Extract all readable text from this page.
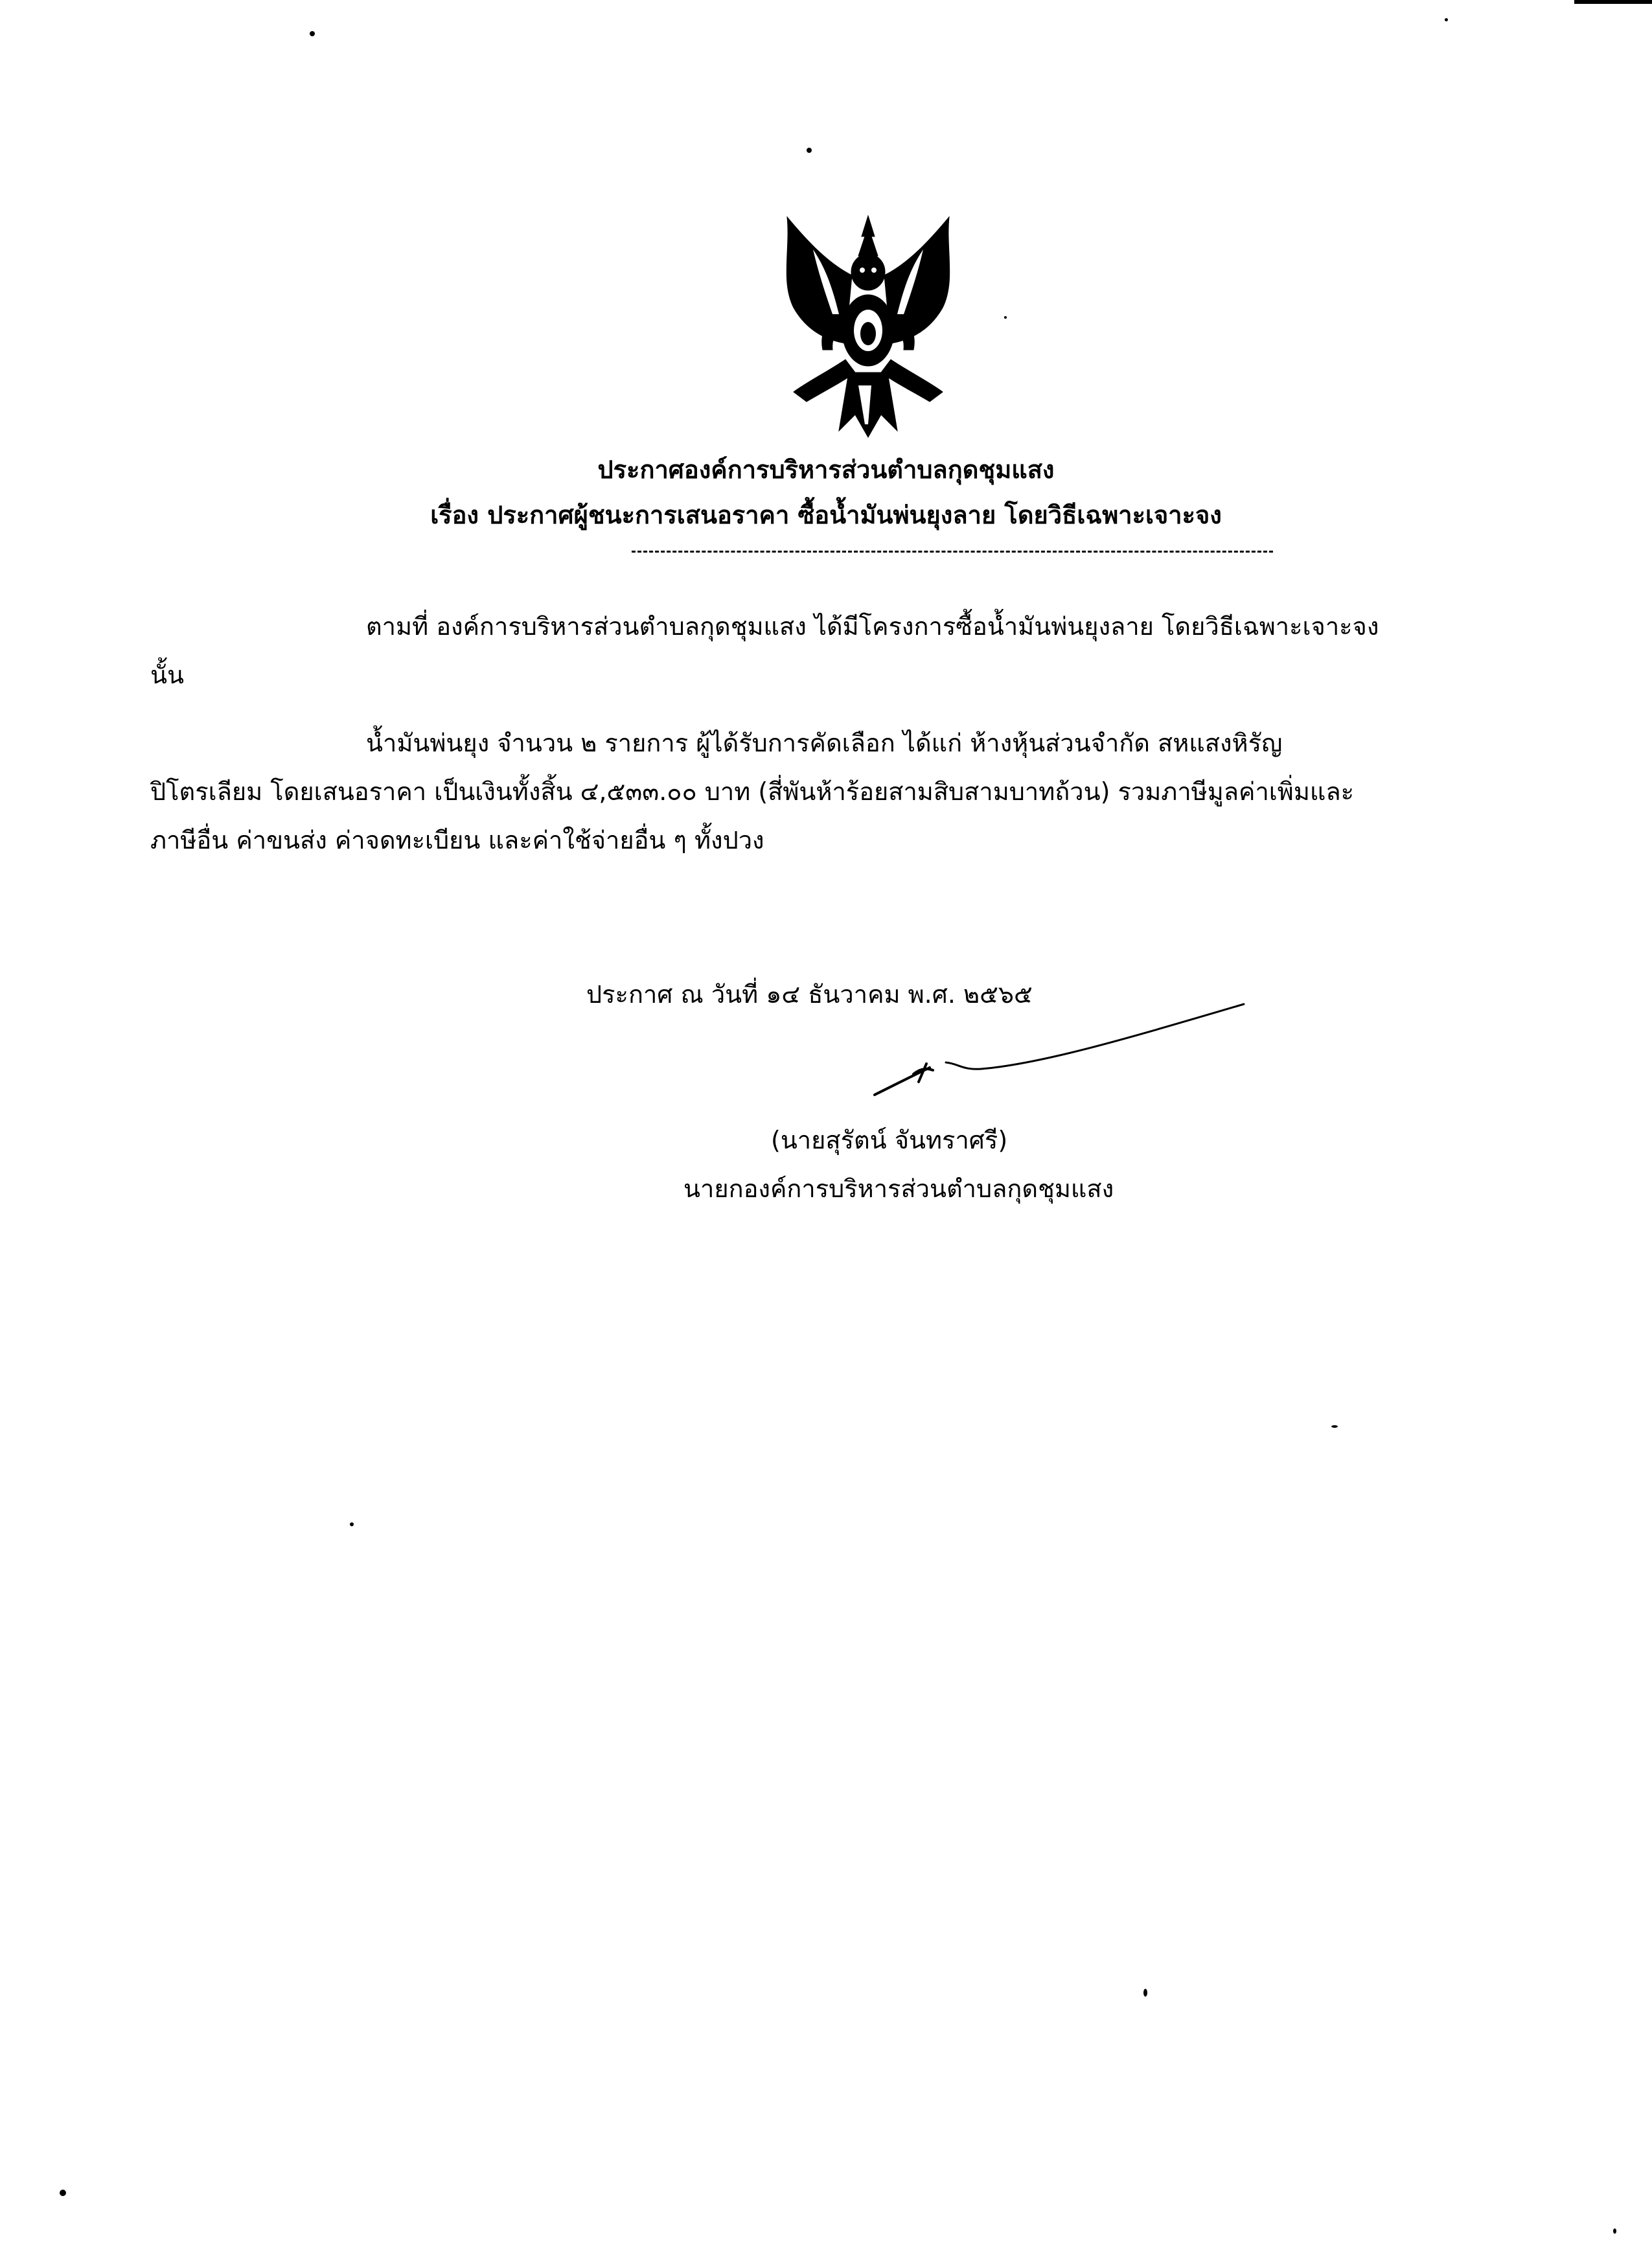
ประกาศองค์การบริหารส่วนตำบลกุดชุมแสง
เรื่อง ประกาศผู้ชนะการเสนอราคา ซื้อน้ำมันพ่นยุงลาย โดยวิธีเฉพาะเจาะจง
ตามที่ องค์การบริหารส่วนตำบลกุดชุมแสง ได้มีโครงการซื้อน้ำมันพ่นยุงลาย โดยวิธีเฉพาะเจาะจง
นั้น
น้ำมันพ่นยุง จำนวน ๒ รายการ ผู้ได้รับการคัดเลือก ได้แก่ ห้างหุ้นส่วนจำกัด สหแสงหิรัญ
ปิโตรเลียม โดยเสนอราคา เป็นเงินทั้งสิ้น ๔,๕๓๓.๐๐ บาท (สี่พันห้าร้อยสามสิบสามบาทถ้วน) รวมภาษีมูลค่าเพิ่มและ
ภาษีอื่น ค่าขนส่ง ค่าจดทะเบียน และค่าใช้จ่ายอื่น ๆ ทั้งปวง
ประกาศ ณ วันที่ ๑๔ ธันวาคม พ.ศ. ๒๕๖๕
(นายสุรัตน์ จันทราศรี)
นายกองค์การบริหารส่วนตำบลกุดชุมแสง
